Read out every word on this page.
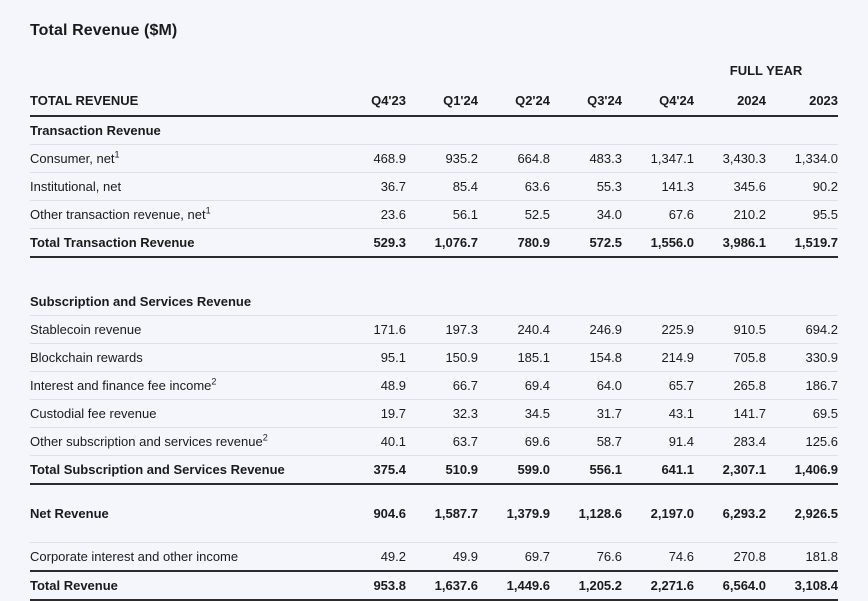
Total Revenue ($M)
						FULL YEAR	
TOTAL REVENUE	Q4'23	Q1'24	Q2'24	Q3'24	Q4'24	2024	2023
Transaction Revenue							
Consumer, net$^1$	468.9	935.2	664.8	483.3	1,347.1	3,430.3	1,334.0
Institutional, net	36.7	85.4	63.6	55.3	141.3	345.6	90.2
Other transaction revenue, net$^1$	23.6	56.1	52.5	34.0	67.6	210.2	95.5
Total Transaction Revenue	529.3	1,076.7	780.9	572.5	1,556.0	3,986.1	1,519.7

Subscription and Services Revenue							
Stablecoin revenue	171.6	197.3	240.4	246.9	225.9	910.5	694.2
Blockchain rewards	95.1	150.9	185.1	154.8	214.9	705.8	330.9
Interest and finance fee income$^2$	48.9	66.7	69.4	64.0	65.7	265.8	186.7
Custodial fee revenue	19.7	32.3	34.5	31.7	43.1	141.7	69.5
Other subscription and services revenue$^2$	40.1	63.7	69.6	58.7	91.4	283.4	125.6
Total Subscription and Services Revenue	375.4	510.9	599.0	556.1	641.1	2,307.1	1,406.9

Net Revenue	904.6	1,587.7	1,379.9	1,128.6	2,197.0	6,293.2	2,926.5

Corporate interest and other income	49.2	49.9	69.7	76.6	74.6	270.8	181.8
Total Revenue	953.8	1,637.6	1,449.6	1,205.2	2,271.6	6,564.0	3,108.4
